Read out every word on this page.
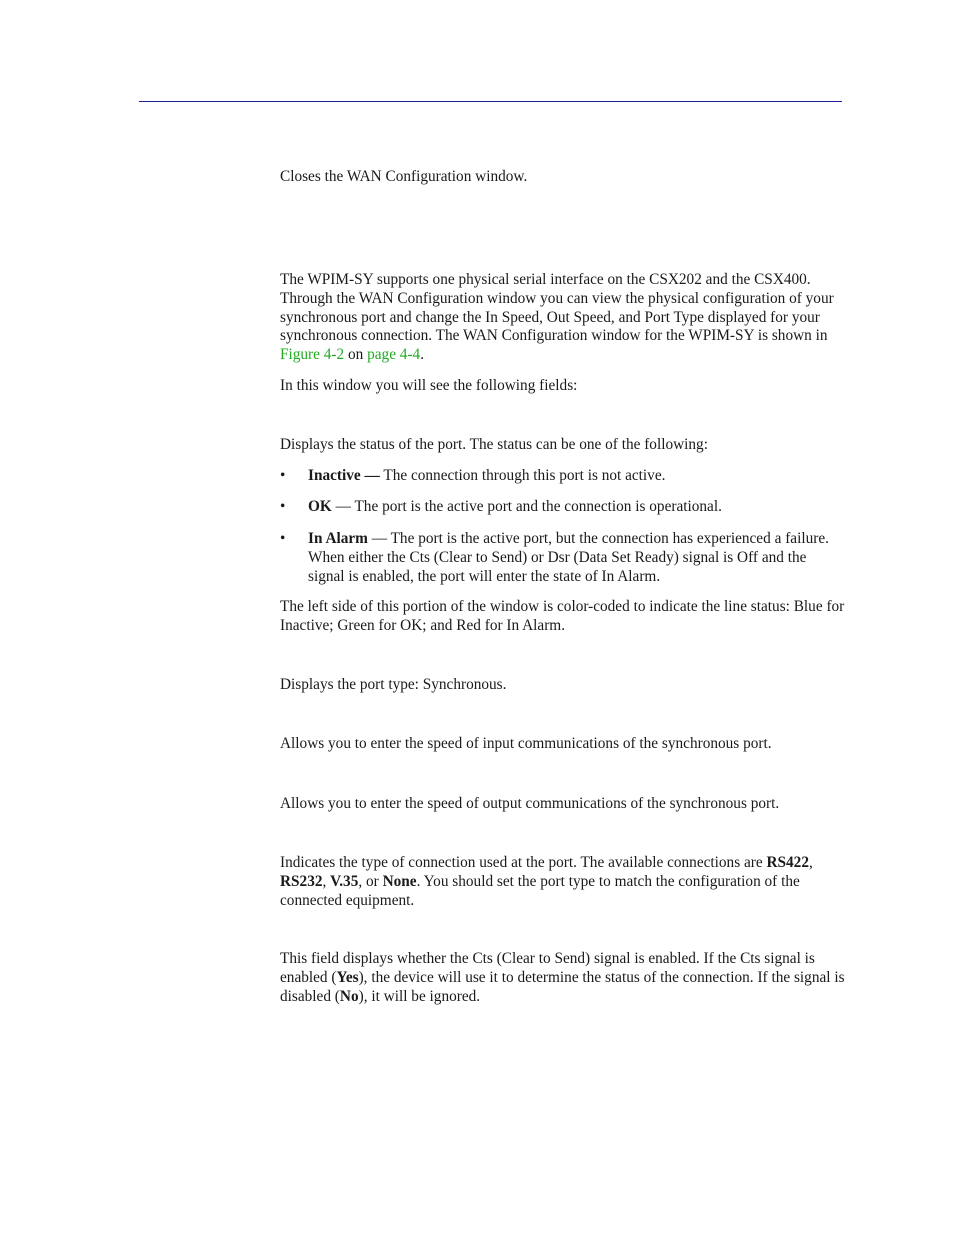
Closes the WAN Configuration window.

The WPIM-SY supports one physical serial interface on the CSX202 and the CSX400. Through the WAN Configuration window you can view the physical configuration of your synchronous port and change the In Speed, Out Speed, and Port Type displayed for your synchronous connection. The WAN Configuration window for the WPIM-SY is shown in Figure 4-2 on page 4-4.

In this window you will see the following fields:

Displays the status of the port. The status can be one of the following:

• Inactive — The connection through this port is not active.
• OK — The port is the active port and the connection is operational.
• In Alarm — The port is the active port, but the connection has experienced a failure. When either the Cts (Clear to Send) or Dsr (Data Set Ready) signal is Off and the signal is enabled, the port will enter the state of In Alarm.

The left side of this portion of the window is color-coded to indicate the line status: Blue for Inactive; Green for OK; and Red for In Alarm.

Displays the port type: Synchronous.

Allows you to enter the speed of input communications of the synchronous port.

Allows you to enter the speed of output communications of the synchronous port.

Indicates the type of connection used at the port. The available connections are RS422, RS232, V.35, or None. You should set the port type to match the configuration of the connected equipment.

This field displays whether the Cts (Clear to Send) signal is enabled. If the Cts signal is enabled (Yes), the device will use it to determine the status of the connection. If the signal is disabled (No), it will be ignored.
